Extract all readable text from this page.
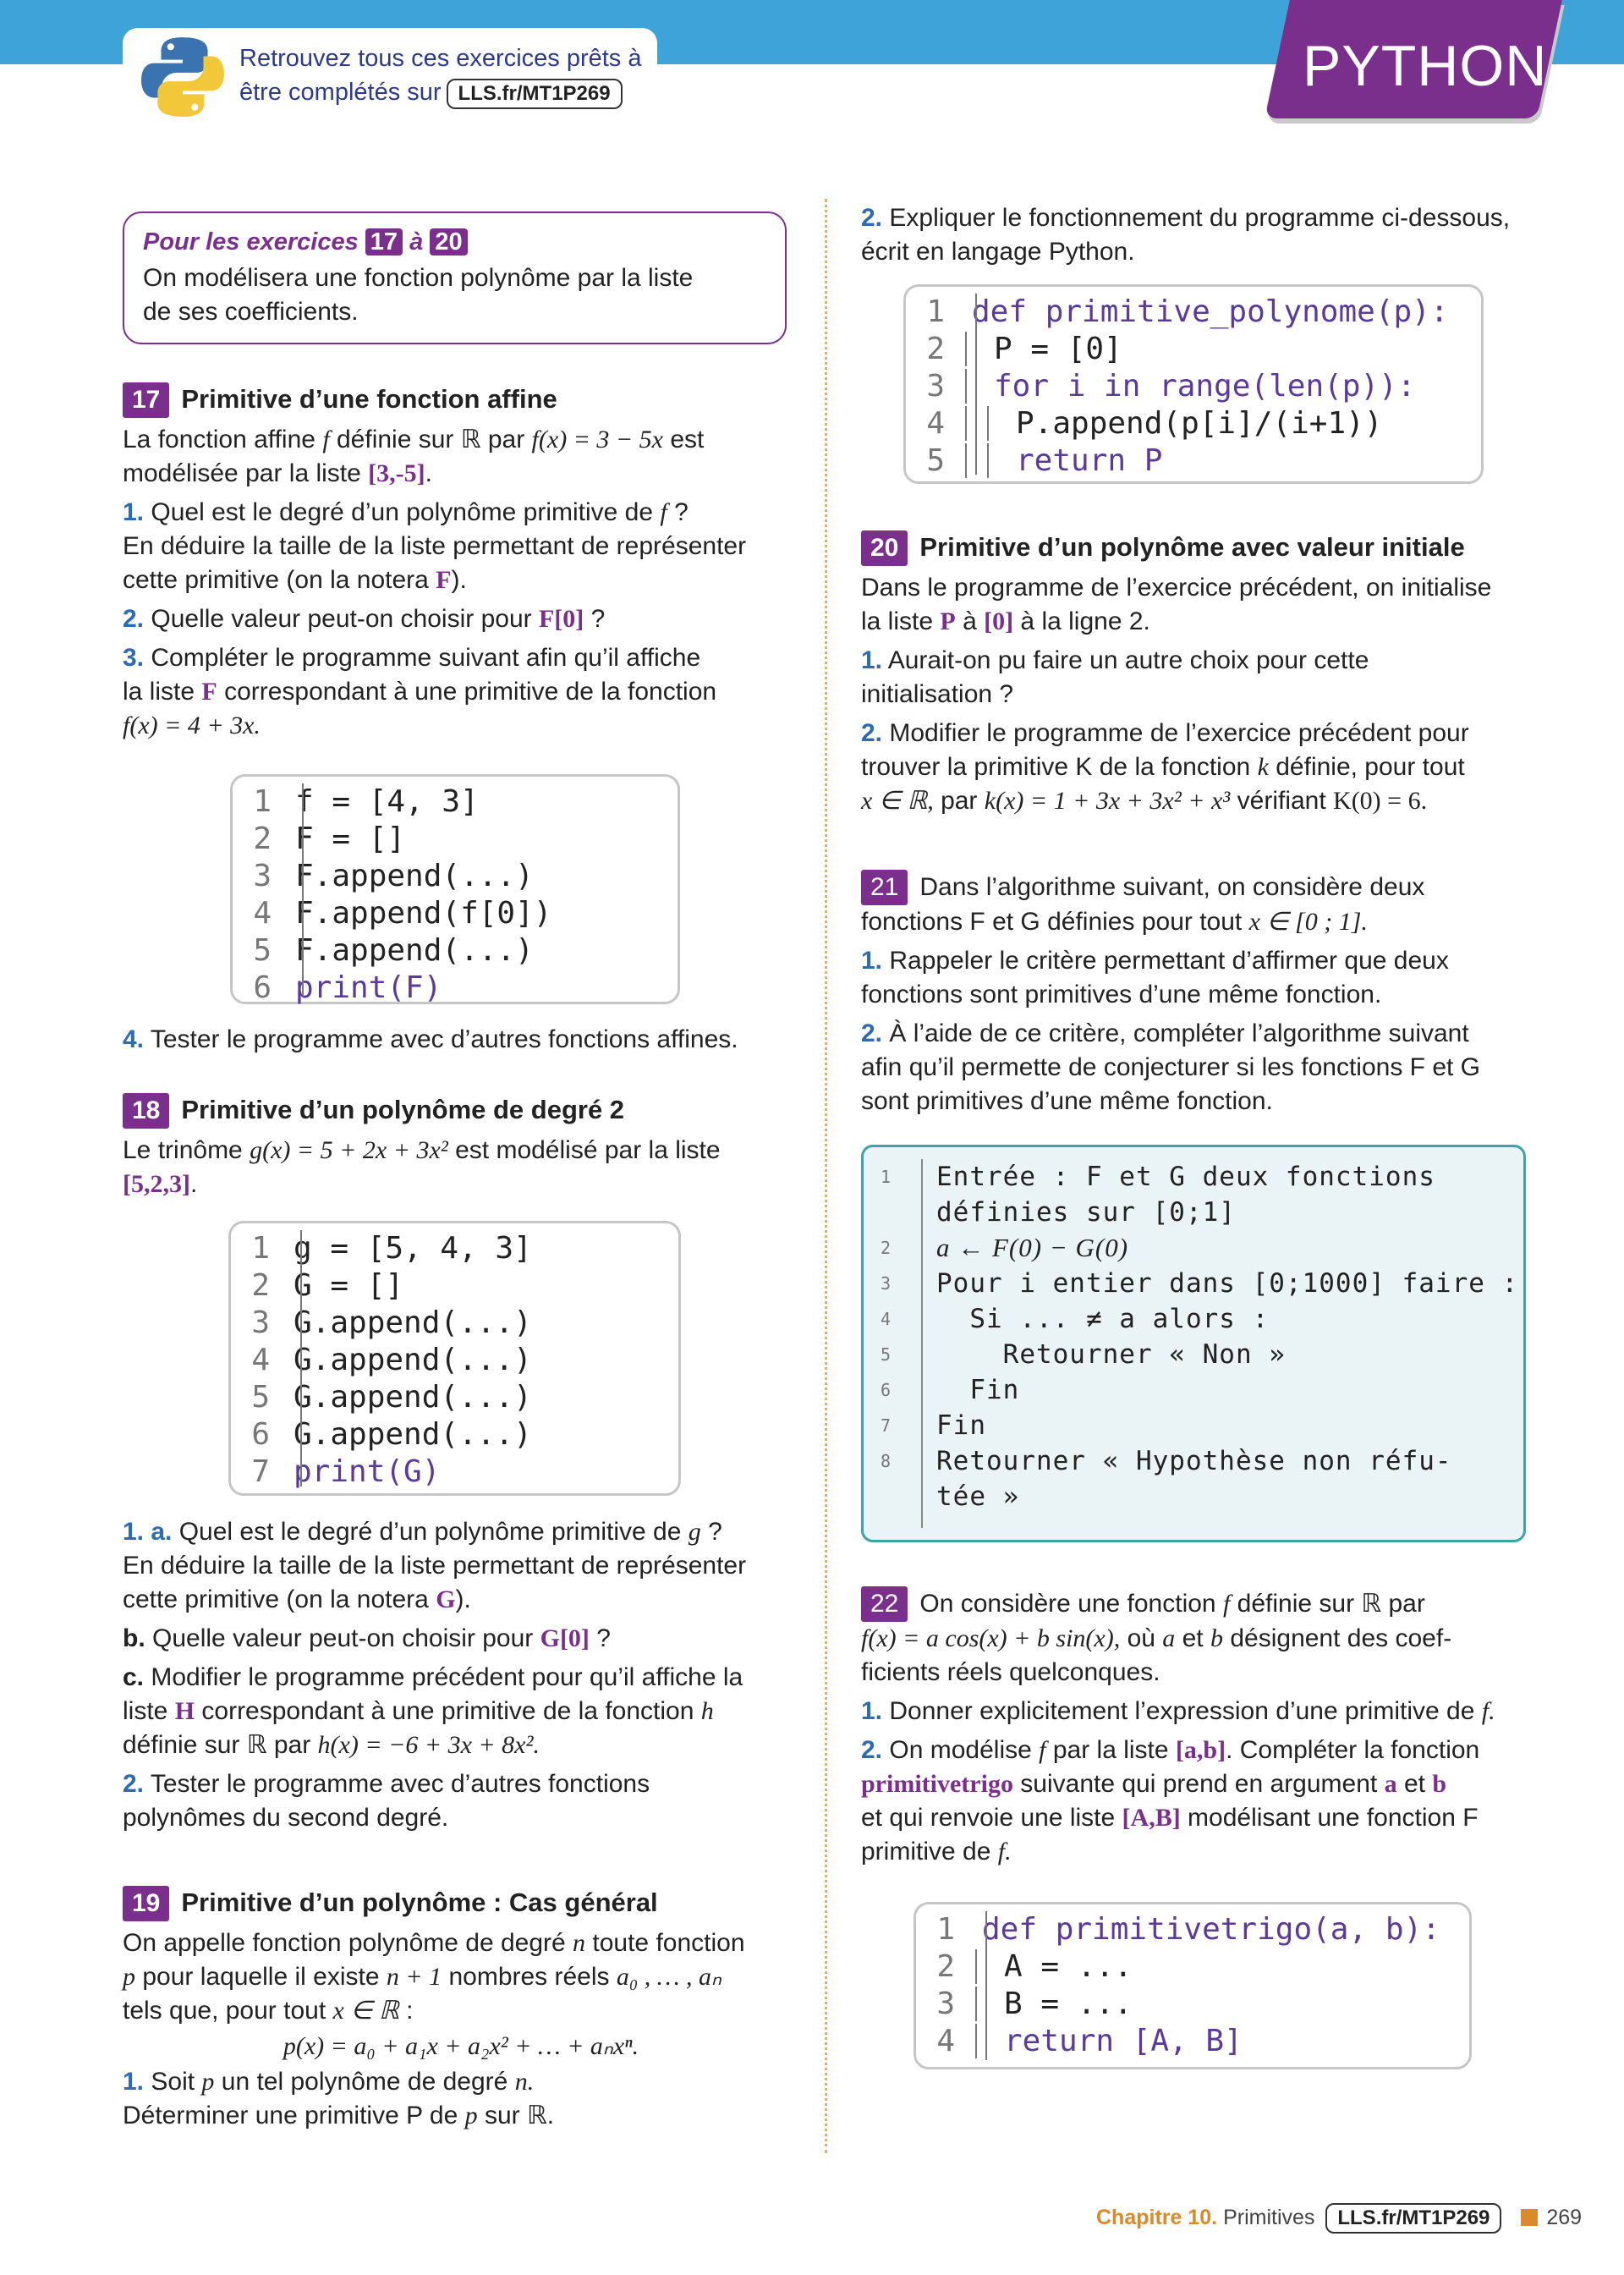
Retrouvez tous ces exercices prêts à
être complétés sur LLS.fr/MT1P269	PYTHON
Pour les exercices 17 à 20
On modélisera une fonction polynôme par la liste
de ses coefficients.
17 Primitive d’une fonction affine
La fonction affine f définie sur ℝ par f(x) = 3 − 5x est
modélisée par la liste [3,-5].
1. Quel est le degré d’un polynôme primitive de f ?
En déduire la taille de la liste permettant de représenter
cette primitive (on la notera F).
2. Quelle valeur peut-on choisir pour F[0] ?
3. Compléter le programme suivant afin qu’il affiche
la liste F correspondant à une primitive de la fonction
f(x) = 4 + 3x.
1 f = [4, 3]
2 F = []
3 F.append(...)
4 F.append(f[0])
5 F.append(...)
6 print(F)
4. Tester le programme avec d’autres fonctions affines.
18 Primitive d’un polynôme de degré 2
Le trinôme g(x) = 5 + 2x + 3x² est modélisé par la liste
[5,2,3].
1 g = [5, 4, 3]
2 G = []
3 G.append(...)
4 G.append(...)
5 G.append(...)
6 G.append(...)
7 print(G)
1. a. Quel est le degré d’un polynôme primitive de g ?
En déduire la taille de la liste permettant de représenter
cette primitive (on la notera G).
b. Quelle valeur peut-on choisir pour G[0] ?
c. Modifier le programme précédent pour qu’il affiche la
liste H correspondant à une primitive de la fonction h
définie sur ℝ par h(x) = −6 + 3x + 8x².
2. Tester le programme avec d’autres fonctions
polynômes du second degré.
19 Primitive d’un polynôme : Cas général
On appelle fonction polynôme de degré n toute fonction
p pour laquelle il existe n + 1 nombres réels a₀ , … , aₙ
tels que, pour tout x ∈ ℝ :
p(x) = a₀ + a₁x + a₂x² + … + aₙxⁿ.
1. Soit p un tel polynôme de degré n.
Déterminer une primitive P de p sur ℝ.
2. Expliquer le fonctionnement du programme ci-dessous,
écrit en langage Python.
1 def primitive_polynome(p):
2 P = [0]
3 for i in range(len(p)):
4 P.append(p[i]/(i+1))
5 return P
20 Primitive d’un polynôme avec valeur initiale
Dans le programme de l’exercice précédent, on initialise
la liste P à [0] à la ligne 2.
1. Aurait-on pu faire un autre choix pour cette
initialisation ?
2. Modifier le programme de l’exercice précédent pour
trouver la primitive K de la fonction k définie, pour tout
x ∈ ℝ, par k(x) = 1 + 3x + 3x² + x³ vérifiant K(0) = 6.
21 Dans l’algorithme suivant, on considère deux
fonctions F et G définies pour tout x ∈ [0 ; 1].
1. Rappeler le critère permettant d’affirmer que deux
fonctions sont primitives d’une même fonction.
2. À l’aide de ce critère, compléter l’algorithme suivant
afin qu’il permette de conjecturer si les fonctions F et G
sont primitives d’une même fonction.
1	Entrée : F et G deux fonctions
définies sur [0;1]
2	a ← F(0) − G(0)
3	Pour i entier dans [0;1000] faire :
4	Si ... ≠ a alors :
5	Retourner « Non »
6	Fin
7	Fin
8	Retourner « Hypothèse non réfu-
tée »
22 On considère une fonction f définie sur ℝ par
f(x) = a cos(x) + b sin(x), où a et b désignent des coef-
ficients réels quelconques.
1. Donner explicitement l’expression d’une primitive de f.
2. On modélise f par la liste [a,b]. Compléter la fonction
primitivetrigo suivante qui prend en argument a et b
et qui renvoie une liste [A,B] modélisant une fonction F
primitive de f.
1 def primitivetrigo(a, b):
2 A = ...
3 B = ...
4 return [A, B]
Chapitre 10. Primitives LLS.fr/MT1P269	269
